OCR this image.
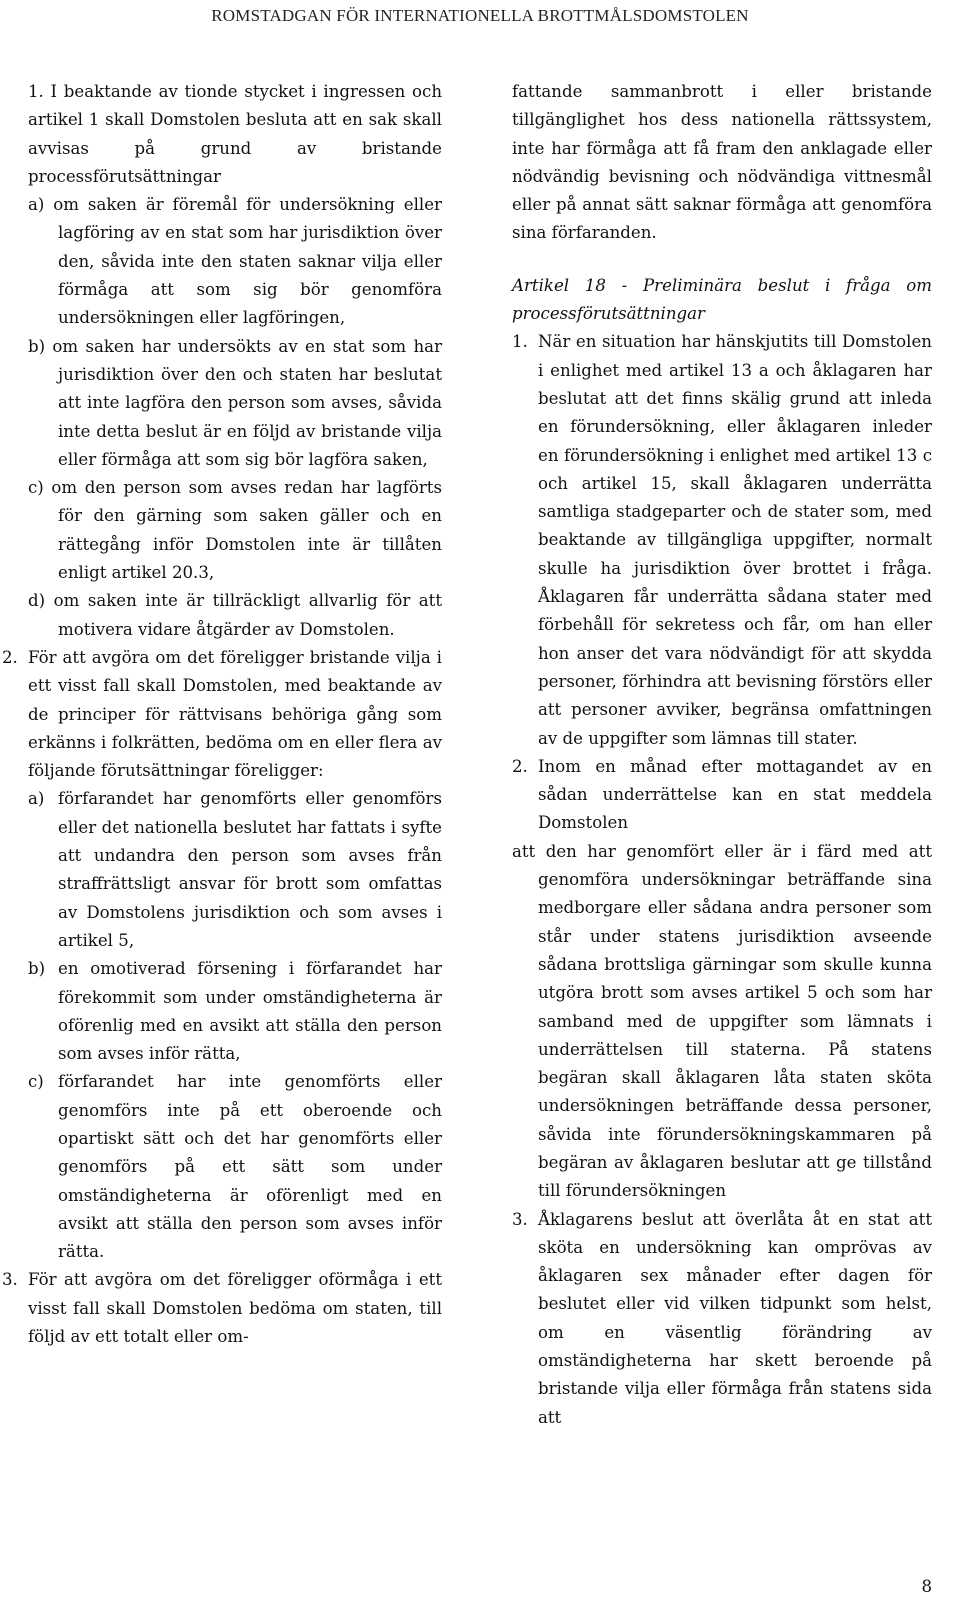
ROMSTADGAN FÖR INTERNATIONELLA BROTTMÅLSDOMSTOLEN

1. I beaktande av tionde stycket i ingressen och artikel 1 skall Domstolen besluta att en sak skall avvisas på grund av bristande processförutsättningar

a) om saken är föremål för undersökning eller lagföring av en stat som har jurisdiktion över den, såvida inte den staten saknar vilja eller förmåga att som sig bör genomföra undersökningen eller lagföringen,

b) om saken har undersökts av en stat som har jurisdiktion över den och staten har beslutat att inte lagföra den person som avses, såvida inte detta beslut är en följd av bristande vilja eller förmåga att som sig bör lagföra saken,

c) om den person som avses redan har lagförts för den gärning som saken gäller och en rättegång inför Domstolen inte är tillåten enligt artikel 20.3,

d) om saken inte är tillräckligt allvarlig för att motivera vidare åtgärder av Domstolen.

2. För att avgöra om det föreligger bristande vilja i ett visst fall skall Domstolen, med beaktande av de principer för rättvisans behöriga gång som erkänns i folkrätten, bedöma om en eller flera av följande förutsättningar föreligger:
a) förfarandet har genomförts eller genomförs eller det nationella beslutet har fattats i syfte att undandra den person som avses från straffrättsligt ansvar för brott som omfattas av Domstolens jurisdiktion och som avses i artikel 5,
b) en omotiverad försening i förfarandet har förekommit som under omständigheterna är oförenlig med en avsikt att ställa den person som avses inför rätta,
c) förfarandet har inte genomförts eller genomförs inte på ett oberoende och opartiskt sätt och det har genomförts eller genomförs på ett sätt som under omständigheterna är oförenligt med en avsikt att ställa den person som avses inför rätta.
3. För att avgöra om det föreligger oförmåga i ett visst fall skall Domstolen bedöma om staten, till följd av ett totalt eller om-

fattande sammanbrott i eller bristande tillgänglighet hos dess nationella rättssystem, inte har förmåga att få fram den anklagade eller nödvändig bevisning och nödvändiga vittnesmål eller på annat sätt saknar förmåga att genomföra sina förfaranden.

Artikel 18 - Preliminära beslut i fråga om processförutsättningar

1. När en situation har hänskjutits till Domstolen i enlighet med artikel 13 a och åklagaren har beslutat att det finns skälig grund att inleda en förundersökning, eller åklagaren inleder en förundersökning i enlighet med artikel 13 c och artikel 15, skall åklagaren underrätta samtliga stadgeparter och de stater som, med beaktande av tillgängliga uppgifter, normalt skulle ha jurisdiktion över brottet i fråga. Åklagaren får underrätta sådana stater med förbehåll för sekretess och får, om han eller hon anser det vara nödvändigt för att skydda personer, förhindra att bevisning förstörs eller att personer avviker, begränsa omfattningen av de uppgifter som lämnas till stater.
2. Inom en månad efter mottagandet av en sådan underrättelse kan en stat meddela Domstolen

att den har genomfört eller är i färd med att genomföra undersökningar beträffande sina medborgare eller sådana andra personer som står under statens jurisdiktion avseende sådana brottsliga gärningar som skulle kunna utgöra brott som avses artikel 5 och som har samband med de uppgifter som lämnats i underrättelsen till staterna. På statens begäran skall åklagaren låta staten sköta undersökningen beträffande dessa personer, såvida inte förundersökningskammaren på begäran av åklagaren beslutar att ge tillstånd till förundersökningen

3. Åklagarens beslut att överlåta åt en stat att sköta en undersökning kan omprövas av åklagaren sex månader efter dagen för beslutet eller vid vilken tidpunkt som helst, om en väsentlig förändring av omständigheterna har skett beroende på bristande vilja eller förmåga från statens sida att
8
